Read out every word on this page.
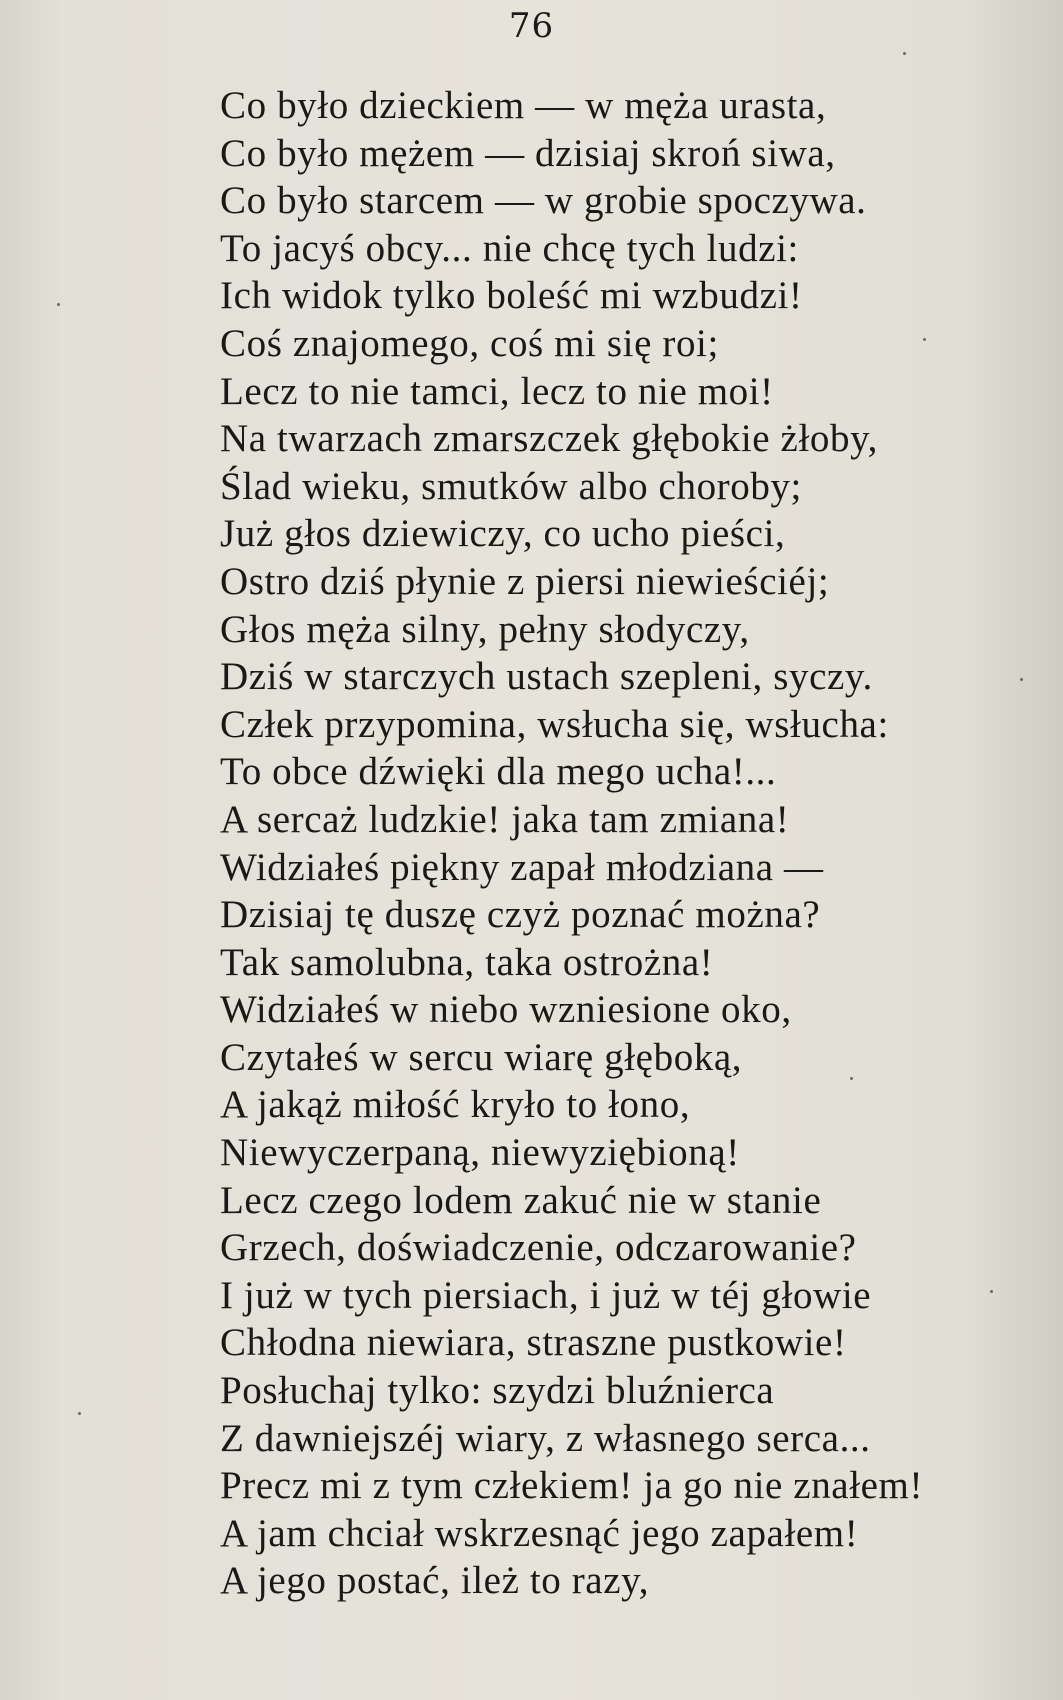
76
Co było dzieckiem — w męża urasta,
Co było mężem — dzisiaj skroń siwa,
Co było starcem — w grobie spoczywa.
To jacyś obcy... nie chcę tych ludzi:
Ich widok tylko boleść mi wzbudzi!
Coś znajomego, coś mi się roi;
Lecz to nie tamci, lecz to nie moi!
Na twarzach zmarszczek głębokie żłoby,
Ślad wieku, smutków albo choroby;
Już głos dziewiczy, co ucho pieści,
Ostro dziś płynie z piersi niewieściéj;
Głos męża silny, pełny słodyczy,
Dziś w starczych ustach szepleni, syczy.
Człek przypomina, wsłucha się, wsłucha:
To obce dźwięki dla mego ucha!...
A sercaż ludzkie! jaka tam zmiana!
Widziałeś piękny zapał młodziana —
Dzisiaj tę duszę czyż poznać można?
Tak samolubna, taka ostrożna!
Widziałeś w niebo wzniesione oko,
Czytałeś w sercu wiarę głęboką,
A jakąż miłość kryło to łono,
Niewyczerpaną, niewyziębioną!
Lecz czego lodem zakuć nie w stanie
Grzech, doświadczenie, odczarowanie?
I już w tych piersiach, i już w téj głowie
Chłodna niewiara, straszne pustkowie!
Posłuchaj tylko: szydzi bluźnierca
Z dawniejszéj wiary, z własnego serca...
Precz mi z tym człekiem! ja go nie znałem!
A jam chciał wskrzesnąć jego zapałem!
A jego postać, ileż to razy,
